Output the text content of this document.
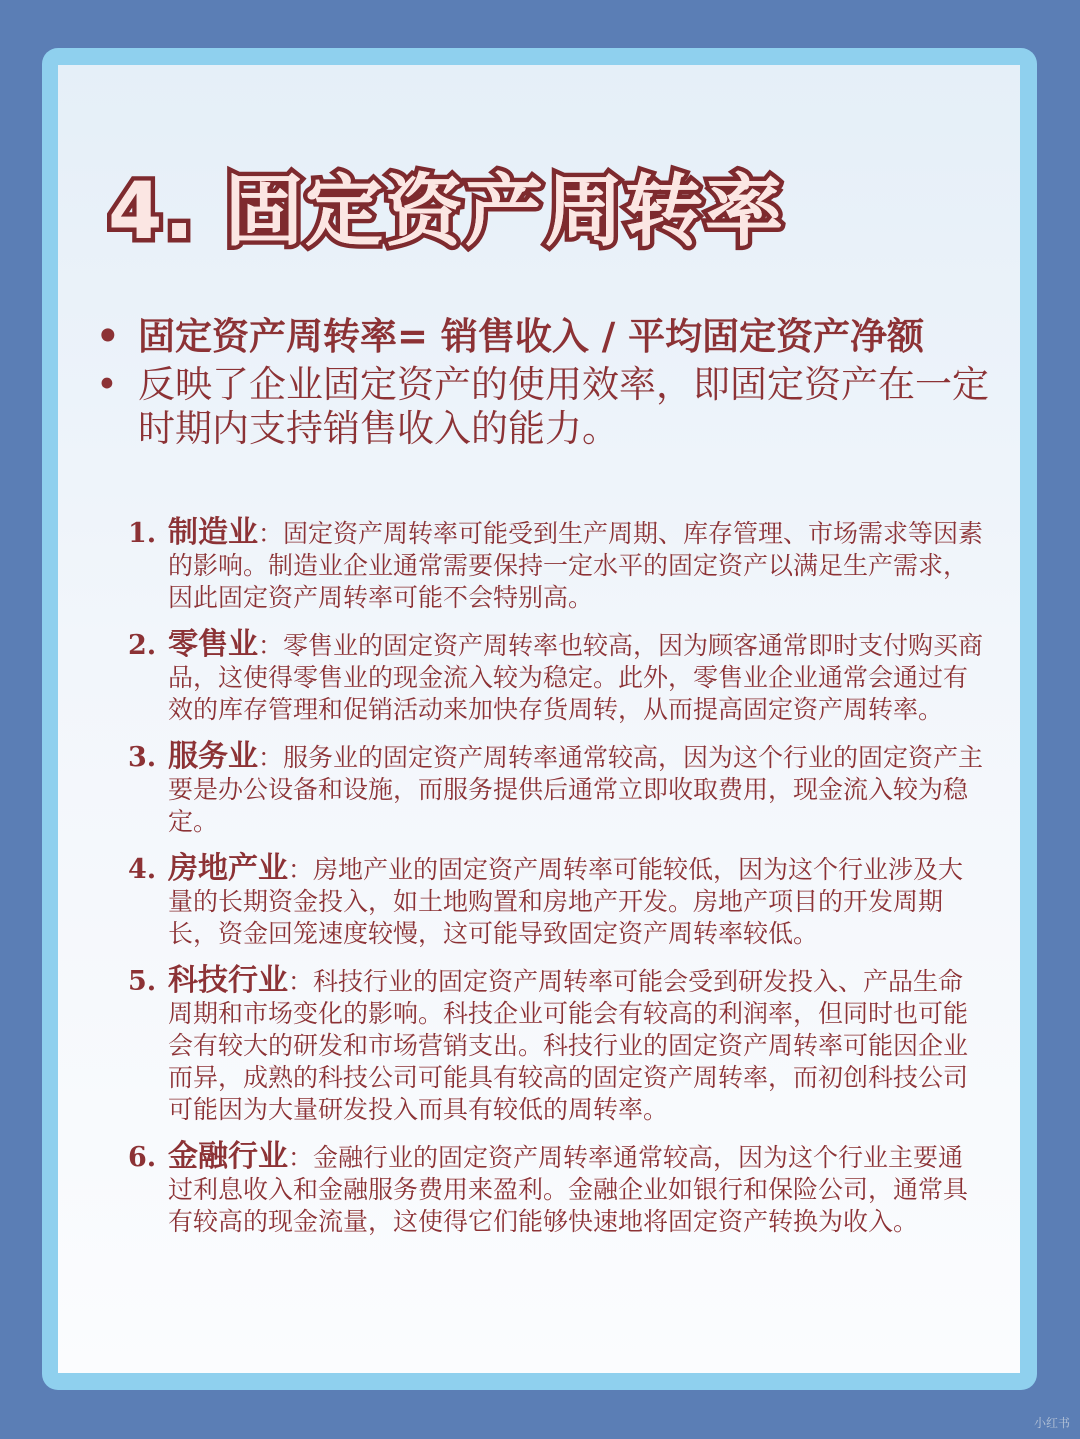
4. 固定资产周转率
• 固定资产周转率= 销售收入 / 平均固定资产净额
• 反映了企业固定资产的使用效率，即固定资产在一定时期内支持销售收入的能力。
1. 制造业：固定资产周转率可能受到生产周期、库存管理、市场需求等因素的影响。制造业企业通常需要保持一定水平的固定资产以满足生产需求，因此固定资产周转率可能不会特别高。
2. 零售业：零售业的固定资产周转率也较高，因为顾客通常即时支付购买商品，这使得零售业的现金流入较为稳定。此外，零售业企业通常会通过有效的库存管理和促销活动来加快存货周转，从而提高固定资产周转率。
3. 服务业：服务业的固定资产周转率通常较高，因为这个行业的固定资产主要是办公设备和设施，而服务提供后通常立即收取费用，现金流入较为稳定。
4. 房地产业：房地产业的固定资产周转率可能较低，因为这个行业涉及大量的长期资金投入，如土地购置和房地产开发。房地产项目的开发周期长，资金回笼速度较慢，这可能导致固定资产周转率较低。
5. 科技行业：科技行业的固定资产周转率可能会受到研发投入、产品生命周期和市场变化的影响。科技企业可能会有较高的利润率，但同时也可能会有较大的研发和市场营销支出。科技行业的固定资产周转率可能因企业而异，成熟的科技公司可能具有较高的固定资产周转率，而初创科技公司可能因为大量研发投入而具有较低的周转率。
6. 金融行业：金融行业的固定资产周转率通常较高，因为这个行业主要通过利息收入和金融服务费用来盈利。金融企业如银行和保险公司，通常具有较高的现金流量，这使得它们能够快速地将固定资产转换为收入。
小红书
